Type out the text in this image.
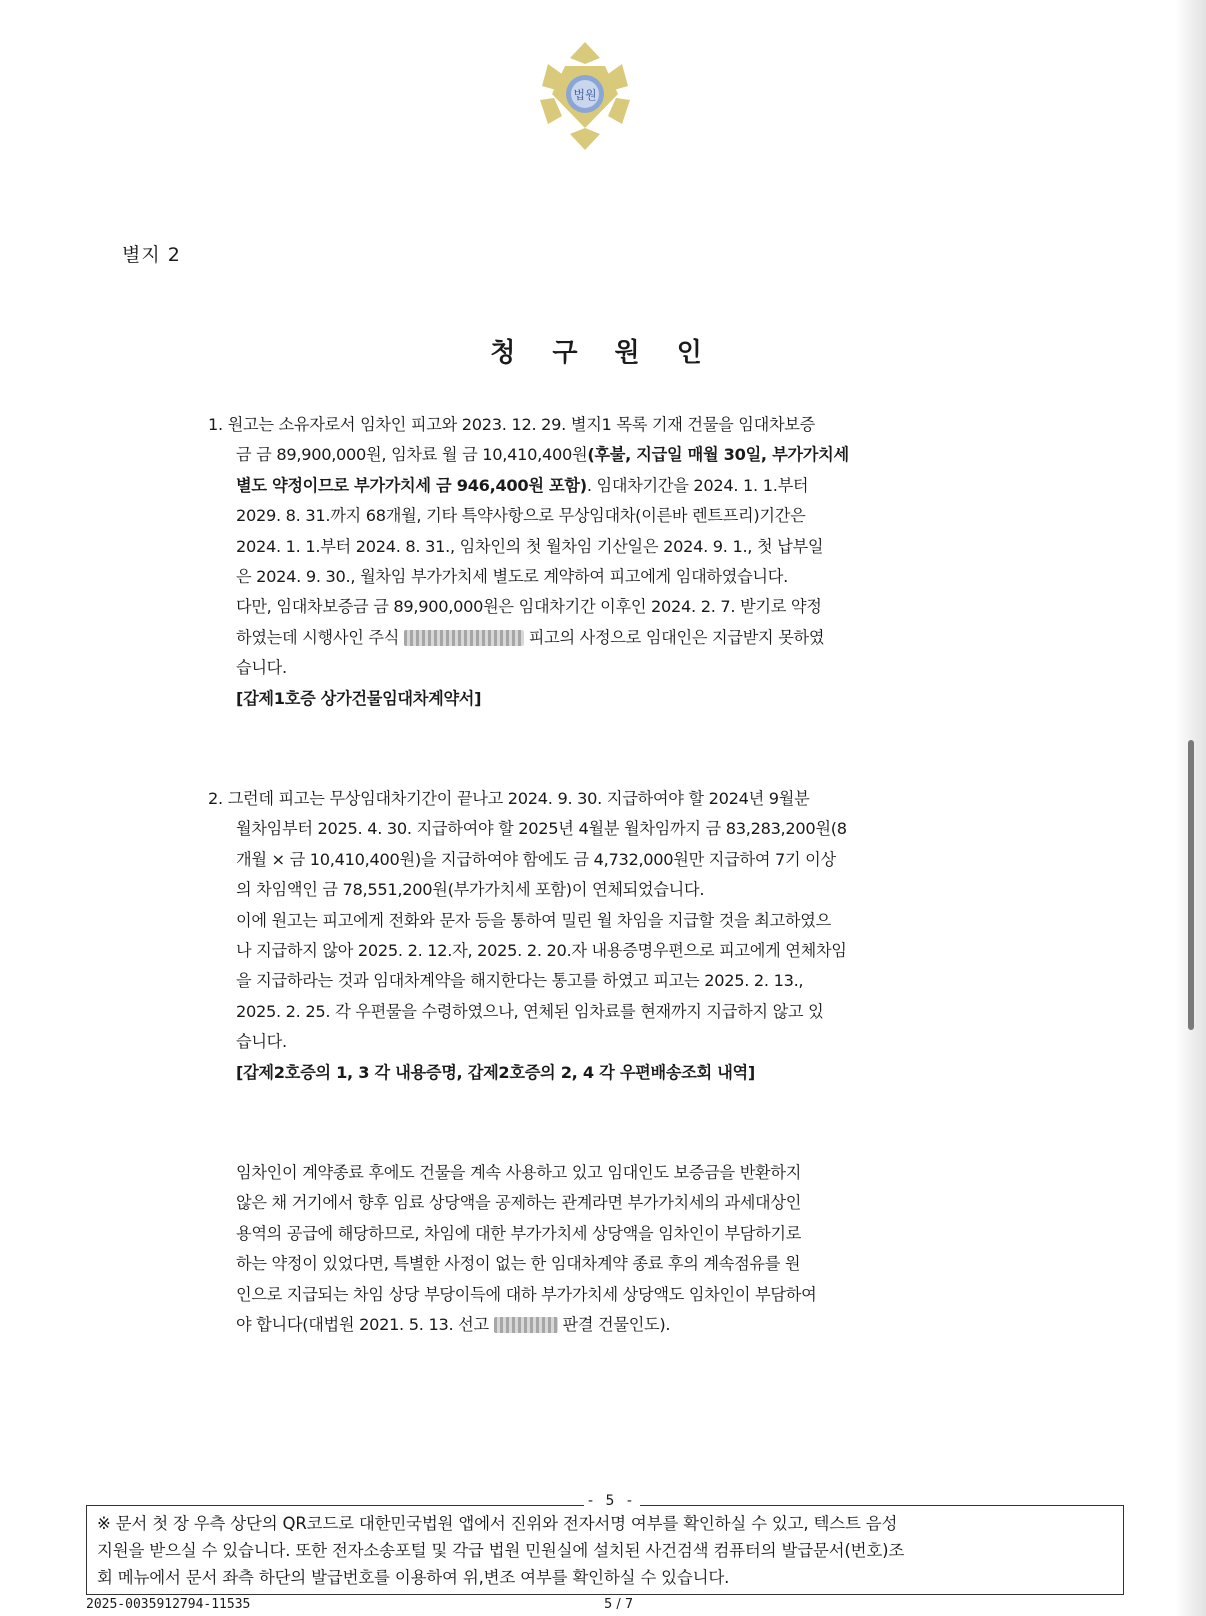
법원
별지 2
청 구 원 인
1. 원고는 소유자로서 임차인 피고와 2023. 12. 29. 별지1 목록 기재 건물을 임대차보증
금 금 89,900,000원, 임차료 월 금 10,410,400원(후불, 지급일 매월 30일, 부가가치세
별도 약정이므로 부가가치세 금 946,400원 포함). 임대차기간을 2024. 1. 1.부터
2029. 8. 31.까지 68개월, 기타 특약사항으로 무상임대차(이른바 렌트프리)기간은
2024. 1. 1.부터 2024. 8. 31., 임차인의 첫 월차임 기산일은 2024. 9. 1., 첫 납부일
은 2024. 9. 30., 월차임 부가가치세 별도로 계약하여 피고에게 임대하였습니다.
다만, 임대차보증금 금 89,900,000원은 임대차기간 이후인 2024. 2. 7. 받기로 약정
하였는데 시행사인 주식	피고의 사정으로 임대인은 지급받지 못하였
습니다.
[갑제1호증 상가건물임대차계약서]
2. 그런데 피고는 무상임대차기간이 끝나고 2024. 9. 30. 지급하여야 할 2024년 9월분
월차임부터 2025. 4. 30. 지급하여야 할 2025년 4월분 월차임까지 금 83,283,200원(8
개월 × 금 10,410,400원)을 지급하여야 함에도 금 4,732,000원만 지급하여 7기 이상
의 차임액인 금 78,551,200원(부가가치세 포함)이 연체되었습니다.
이에 원고는 피고에게 전화와 문자 등을 통하여 밀린 월 차임을 지급할 것을 최고하였으
나 지급하지 않아 2025. 2. 12.자, 2025. 2. 20.자 내용증명우편으로 피고에게 연체차임
을 지급하라는 것과 임대차계약을 해지한다는 통고를 하였고 피고는 2025. 2. 13.,
2025. 2. 25. 각 우편물을 수령하였으나, 연체된 임차료를 현재까지 지급하지 않고 있
습니다.
[갑제2호증의 1, 3 각 내용증명, 갑제2호증의 2, 4 각 우편배송조회 내역]
임차인이 계약종료 후에도 건물을 계속 사용하고 있고 임대인도 보증금을 반환하지
않은 채 거기에서 향후 임료 상당액을 공제하는 관계라면 부가가치세의 과세대상인
용역의 공급에 해당하므로, 차임에 대한 부가가치세 상당액을 임차인이 부담하기로
하는 약정이 있었다면, 특별한 사정이 없는 한 임대차계약 종료 후의 계속점유를 원
인으로 지급되는 차임 상당 부당이득에 대하 부가가치세 상당액도 임차인이 부담하여
야 합니다(대법원 2021. 5. 13. 선고	판결 건물인도).
※ 문서 첫 장 우측 상단의 QR코드로 대한민국법원 앱에서 진위와 전자서명 여부를 확인하실 수 있고, 텍스트 음성
지원을 받으실 수 있습니다. 또한 전자소송포털 및 각급 법원 민원실에 설치된 사건검색 컴퓨터의 발급문서(번호)조
회 메뉴에서 문서 좌측 하단의 발급번호를 이용하여 위,변조 여부를 확인하실 수 있습니다.
- 5 -
2025-0035912794-11535	5 / 7
